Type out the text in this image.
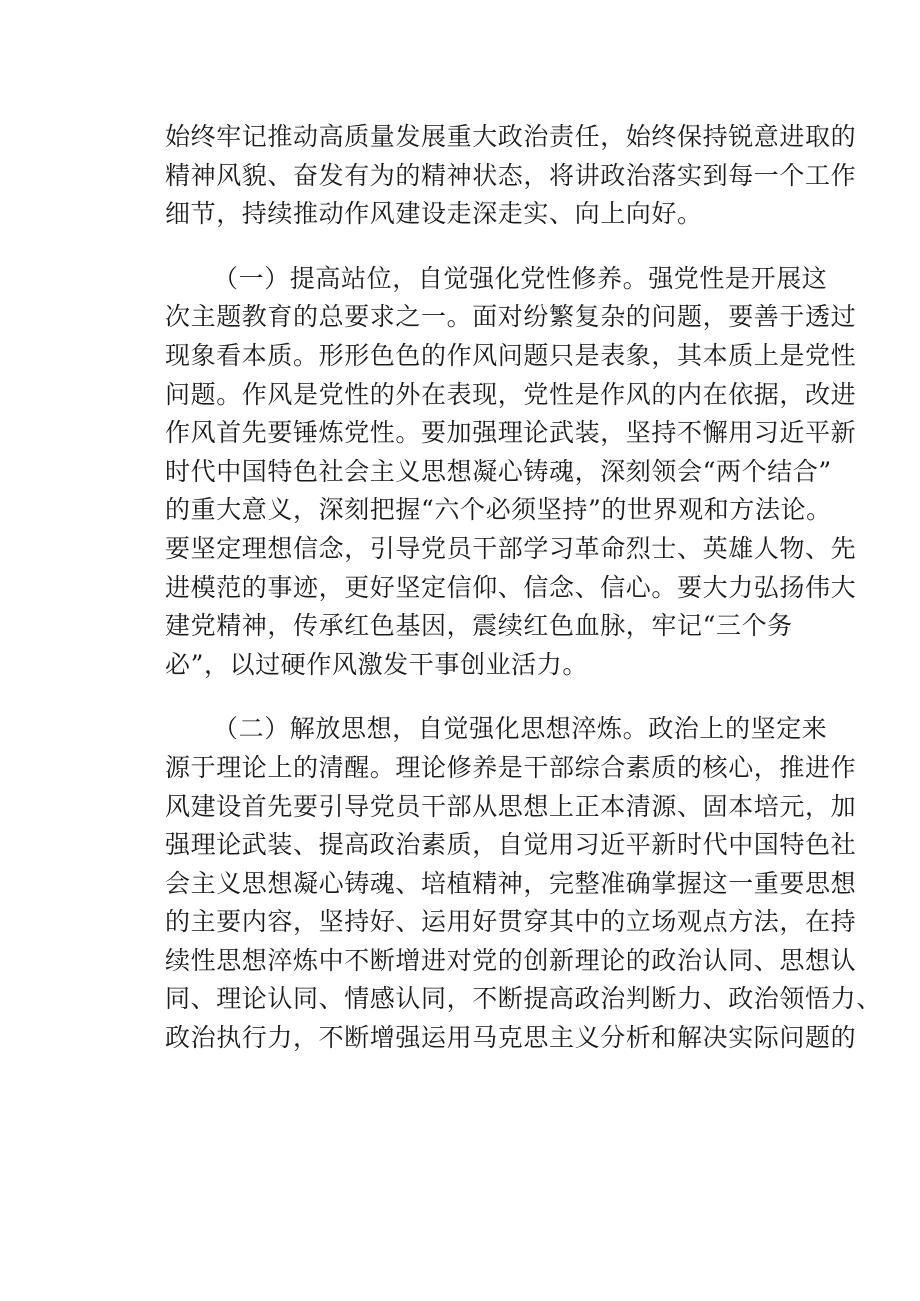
始终牢记推动高质量发展重大政治责任，始终保持锐意进取的
精神风貌、奋发有为的精神状态，将讲政治落实到每一个工作
细节，持续推动作风建设走深走实、向上向好。
（一）提高站位，自觉强化党性修养。强党性是开展这
次主题教育的总要求之一。面对纷繁复杂的问题，要善于透过
现象看本质。形形色色的作风问题只是表象，其本质上是党性
问题。作风是党性的外在表现，党性是作风的内在依据，改进
作风首先要锤炼党性。要加强理论武装，坚持不懈用习近平新
时代中国特色社会主义思想凝心铸魂，深刻领会“两个结合”
的重大意义，深刻把握“六个必须坚持”的世界观和方法论。
要坚定理想信念，引导党员干部学习革命烈士、英雄人物、先
进模范的事迹，更好坚定信仰、信念、信心。要大力弘扬伟大
建党精神，传承红色基因，震续红色血脉，牢记“三个务
必”，以过硬作风激发干事创业活力。
（二）解放思想，自觉强化思想淬炼。政治上的坚定来
源于理论上的清醒。理论修养是干部综合素质的核心，推进作
风建设首先要引导党员干部从思想上正本清源、固本培元，加
强理论武装、提高政治素质，自觉用习近平新时代中国特色社
会主义思想凝心铸魂、培植精神，完整准确掌握这一重要思想
的主要内容，坚持好、运用好贯穿其中的立场观点方法，在持
续性思想淬炼中不断增进对党的创新理论的政治认同、思想认
同、理论认同、情感认同，不断提高政治判断力、政治领悟力、
政治执行力，不断增强运用马克思主义分析和解决实际问题的
